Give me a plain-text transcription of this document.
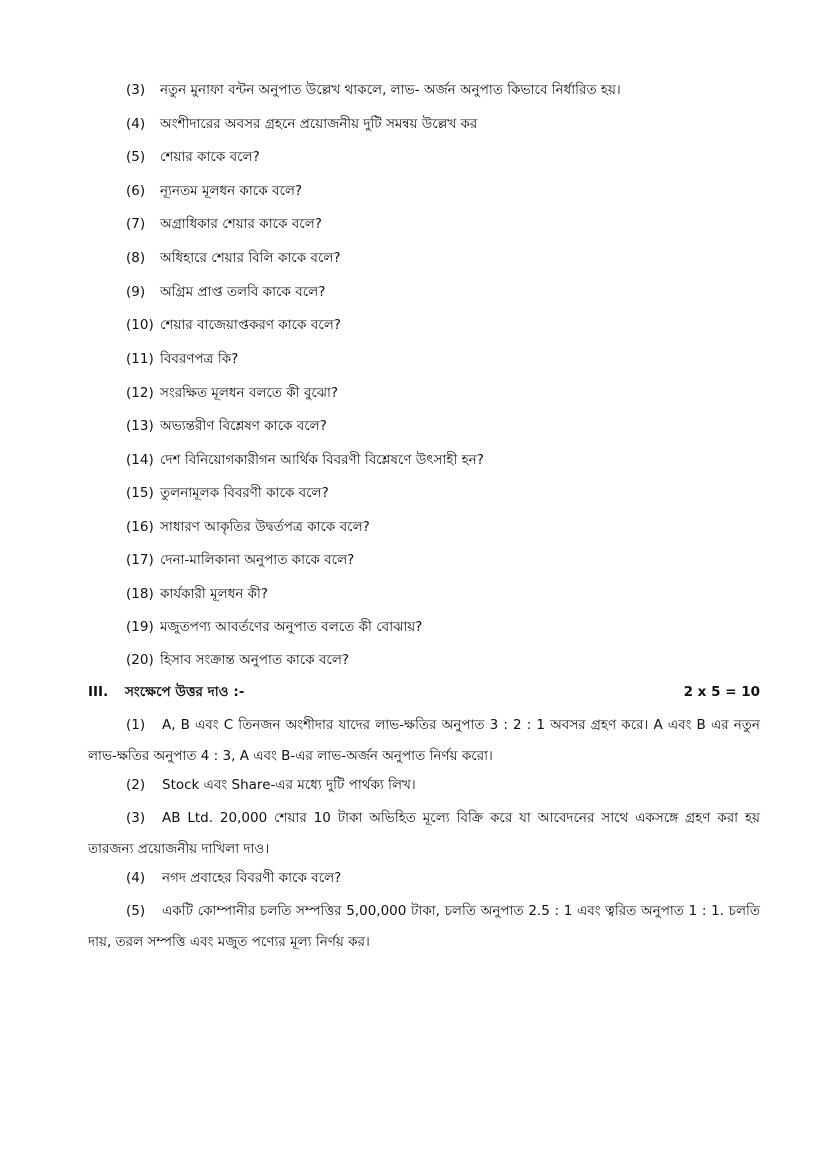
(3)	নতুন মুনাফা বন্টন অনুপাত উল্লেখ থাকলে, লাভ- অর্জন অনুপাত কিভাবে নির্ধারিত হয়।
(4)	অংশীদারের অবসর গ্রহনে প্রয়োজনীয় দুটি সমন্বয় উল্লেখ কর
(5)	শেয়ার কাকে বলে?
(6)	ন্যূনতম মূলধন কাকে বলে?
(7)	অগ্রাধিকার শেয়ার কাকে বলে?
(8)	অধিহারে শেয়ার বিলি কাকে বলে?
(9)	অগ্রিম প্রাপ্ত তলবি কাকে বলে?
(10) শেয়ার বাজেয়াপ্তকরণ কাকে বলে?
(11) বিবরণপত্র কি?
(12) সংরক্ষিত মূলধন বলতে কী বুঝো?
(13) অভ্যন্তরীণ বিশ্লেষণ কাকে বলে?
(14) দেশ বিনিয়োগকারীগন আর্থিক বিবরণী বিশ্লেষণে উৎসাহী হন?
(15) তুলনামূলক বিবরণী কাকে বলে?
(16) সাধারণ আকৃতির উদ্বর্তপত্র কাকে বলে?
(17) দেনা-মালিকানা অনুপাত কাকে বলে?
(18) কার্যকারী মূলধন কী?
(19) মজুতপণ্য আবর্তণের অনুপাত বলতে কী বোঝায়?
(20) হিসাব সংক্রান্ত অনুপাত কাকে বলে?
III. সংক্ষেপে উত্তর দাও :-	2 x 5 = 10
(1) A, B এবং C তিনজন অংশীদার যাদের লাভ-ক্ষতির অনুপাত 3 : 2 : 1 অবসর গ্রহণ করে। A এবং B এর নতুন লাভ-ক্ষতির অনুপাত 4 : 3, A এবং B-এর লাভ-অর্জন অনুপাত নির্ণয় করো।
(2) Stock এবং Share-এর মধ্যে দুটি পার্থক্য লিখ।
(3) AB Ltd. 20,000 শেয়ার 10 টাকা অভিহিত মূল্যে বিক্রি করে যা আবেদনের সাথে একসঙ্গে গ্রহণ করা হয় তারজন্য প্রয়োজনীয় দাখিলা দাও।
(4) নগদ প্রবাহের বিবরণী কাকে বলে?
(5) একটি কোম্পানীর চলতি সম্পত্তির 5,00,000 টাকা, চলতি অনুপাত 2.5 : 1 এবং ত্বরিত অনুপাত 1 : 1. চলতি দায়, তরল সম্পত্তি এবং মজুত পণ্যের মূল্য নির্ণয় কর।
